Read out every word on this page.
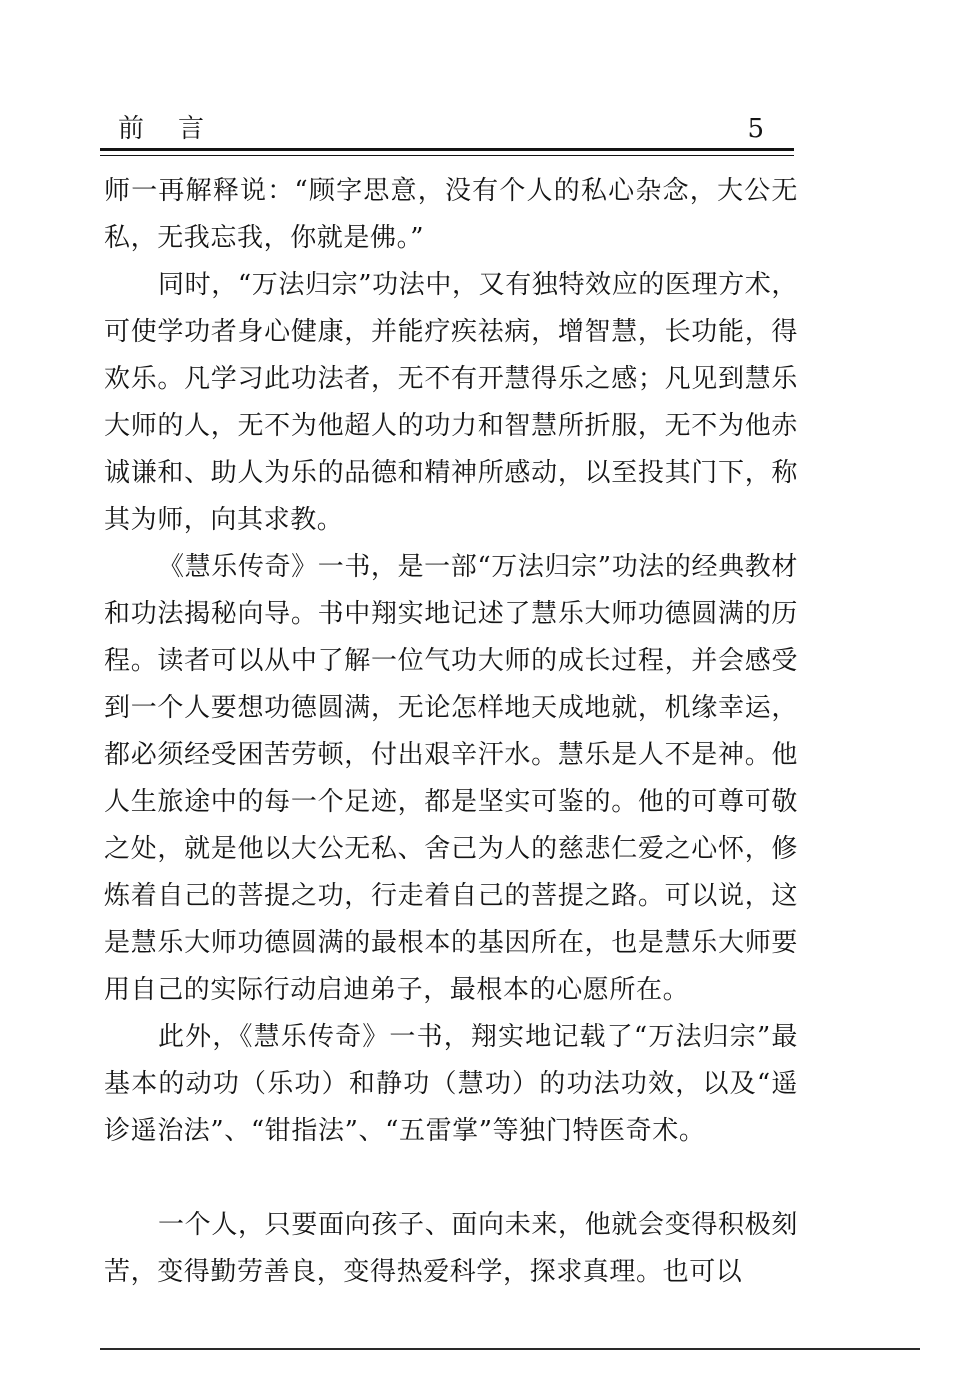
前言	5

师一再解释说：“顾字思意，没有个人的私心杂念，大公无私，无我忘我，你就是佛。”

同时，“万法归宗”功法中，又有独特效应的医理方术，可使学功者身心健康，并能疗疾祛病，增智慧，长功能，得欢乐。凡学习此功法者，无不有开慧得乐之感；凡见到慧乐大师的人，无不为他超人的功力和智慧所折服，无不为他赤诚谦和、助人为乐的品德和精神所感动，以至投其门下，称其为师，向其求教。

《慧乐传奇》一书，是一部“万法归宗”功法的经典教材和功法揭秘向导。书中翔实地记述了慧乐大师功德圆满的历程。读者可以从中了解一位气功大师的成长过程，并会感受到一个人要想功德圆满，无论怎样地天成地就，机缘幸运，都必须经受困苦劳顿，付出艰辛汗水。慧乐是人不是神。他人生旅途中的每一个足迹，都是坚实可鉴的。他的可尊可敬之处，就是他以大公无私、舍己为人的慈悲仁爱之心怀，修炼着自己的菩提之功，行走着自己的菩提之路。可以说，这是慧乐大师功德圆满的最根本的基因所在，也是慧乐大师要用自己的实际行动启迪弟子，最根本的心愿所在。

此外，《慧乐传奇》一书，翔实地记载了“万法归宗”最基本的动功（乐功）和静功（慧功）的功法功效，以及“遥诊遥治法”、“钳指法”、“五雷掌”等独门特医奇术。

一个人，只要面向孩子、面向未来，他就会变得积极刻苦，变得勤劳善良，变得热爱科学，探求真理。也可以
